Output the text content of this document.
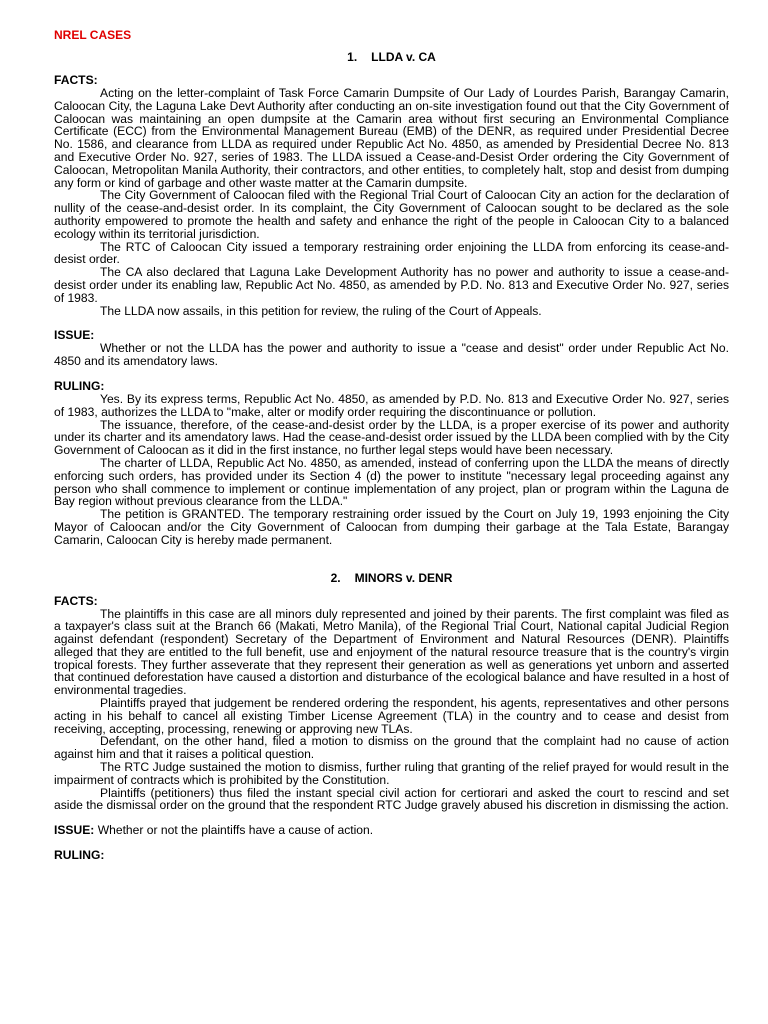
NREL CASES
1. LLDA v. CA
FACTS:

Acting on the letter-complaint of Task Force Camarin Dumpsite of Our Lady of Lourdes Parish, Barangay Camarin, Caloocan City, the Laguna Lake Devt Authority after conducting an on-site investigation found out that the City Government of Caloocan was maintaining an open dumpsite at the Camarin area without first securing an Environmental Compliance Certificate (ECC) from the Environmental Management Bureau (EMB) of the DENR, as required under Presidential Decree No. 1586, and clearance from LLDA as required under Republic Act No. 4850, as amended by Presidential Decree No. 813 and Executive Order No. 927, series of 1983. The LLDA issued a Cease-and-Desist Order ordering the City Government of Caloocan, Metropolitan Manila Authority, their contractors, and other entities, to completely halt, stop and desist from dumping any form or kind of garbage and other waste matter at the Camarin dumpsite.

The City Government of Caloocan filed with the Regional Trial Court of Caloocan City an action for the declaration of nullity of the cease-and-desist order. In its complaint, the City Government of Caloocan sought to be declared as the sole authority empowered to promote the health and safety and enhance the right of the people in Caloocan City to a balanced ecology within its territorial jurisdiction.

The RTC of Caloocan City issued a temporary restraining order enjoining the LLDA from enforcing its cease-and-desist order.

The CA also declared that Laguna Lake Development Authority has no power and authority to issue a cease-and-desist order under its enabling law, Republic Act No. 4850, as amended by P.D. No. 813 and Executive Order No. 927, series of 1983.

The LLDA now assails, in this petition for review, the ruling of the Court of Appeals.

ISSUE:

Whether or not the LLDA has the power and authority to issue a "cease and desist" order under Republic Act No. 4850 and its amendatory laws.

RULING:

Yes. By its express terms, Republic Act No. 4850, as amended by P.D. No. 813 and Executive Order No. 927, series of 1983, authorizes the LLDA to "make, alter or modify order requiring the discontinuance or pollution.

The issuance, therefore, of the cease-and-desist order by the LLDA, is a proper exercise of its power and authority under its charter and its amendatory laws. Had the cease-and-desist order issued by the LLDA been complied with by the City Government of Caloocan as it did in the first instance, no further legal steps would have been necessary.

The charter of LLDA, Republic Act No. 4850, as amended, instead of conferring upon the LLDA the means of directly enforcing such orders, has provided under its Section 4 (d) the power to institute "necessary legal proceeding against any person who shall commence to implement or continue implementation of any project, plan or program within the Laguna de Bay region without previous clearance from the LLDA."

The petition is GRANTED. The temporary restraining order issued by the Court on July 19, 1993 enjoining the City Mayor of Caloocan and/or the City Government of Caloocan from dumping their garbage at the Tala Estate, Barangay Camarin, Caloocan City is hereby made permanent.

2. MINORS v. DENR
FACTS:

The plaintiffs in this case are all minors duly represented and joined by their parents. The first complaint was filed as a taxpayer's class suit at the Branch 66 (Makati, Metro Manila), of the Regional Trial Court, National capital Judicial Region against defendant (respondent) Secretary of the Department of Environment and Natural Resources (DENR). Plaintiffs alleged that they are entitled to the full benefit, use and enjoyment of the natural resource treasure that is the country's virgin tropical forests. They further asseverate that they represent their generation as well as generations yet unborn and asserted that continued deforestation have caused a distortion and disturbance of the ecological balance and have resulted in a host of environmental tragedies.

Plaintiffs prayed that judgement be rendered ordering the respondent, his agents, representatives and other persons acting in his behalf to cancel all existing Timber License Agreement (TLA) in the country and to cease and desist from receiving, accepting, processing, renewing or approving new TLAs.

Defendant, on the other hand, filed a motion to dismiss on the ground that the complaint had no cause of action against him and that it raises a political question.

The RTC Judge sustained the motion to dismiss, further ruling that granting of the relief prayed for would result in the impairment of contracts which is prohibited by the Constitution.

Plaintiffs (petitioners) thus filed the instant special civil action for certiorari and asked the court to rescind and set aside the dismissal order on the ground that the respondent RTC Judge gravely abused his discretion in dismissing the action.

ISSUE: Whether or not the plaintiffs have a cause of action.

RULING:
